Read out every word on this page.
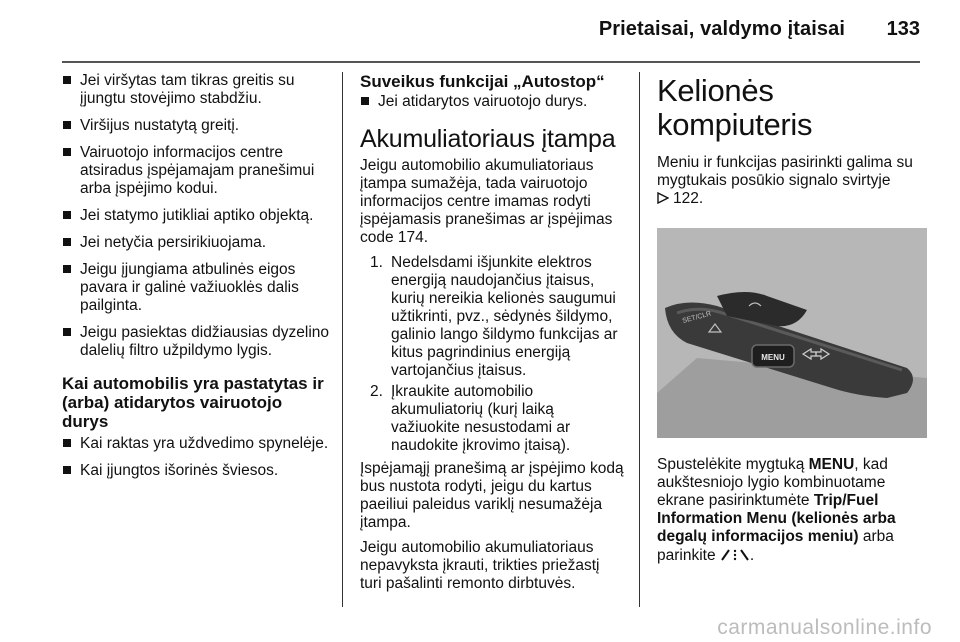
Prietaisai, valdymo įtaisai 133
Jei viršytas tam tikras greitis su įjungtu stovėjimo stabdžiu.
Viršijus nustatytą greitį.
Vairuotojo informacijos centre atsiradus įspėjamajam pranešimui arba įspėjimo kodui.
Jei statymo jutikliai aptiko objektą.
Jei netyčia persirikiuojama.
Jeigu įjungiama atbulinės eigos pavara ir galinė važiuoklės dalis pailginta.
Jeigu pasiektas didžiausias dyzelino dalelių filtro užpildymo lygis.
Kai automobilis yra pastatytas ir (arba) atidarytos vairuotojo durys
Kai raktas yra uždvedimo spynelėje.
Kai įjungtos išorinės šviesos.
Suveikus funkcijai „Autostop“
Jei atidarytos vairuotojo durys.
Akumuliatoriaus įtampa

Jeigu automobilio akumuliatoriaus įtampa sumažėja, tada vairuotojo informacijos centre imamas rodyti įspėjamasis pranešimas ar įspėjimas code 174.

1. Nedelsdami išjunkite elektros energiją naudojančius įtaisus, kurių nereikia kelionės saugumui užtikrinti, pvz., sėdynės šildymo, galinio lango šildymo funkcijas ar kitus pagrindinius energiją vartojančius įtaisus.
2. Įkraukite automobilio akumuliatorių (kurį laiką važiuokite nesustodami ar naudokite įkrovimo įtaisą).

Įspėjamąjį pranešimą ar įspėjimo kodą bus nustota rodyti, jeigu du kartus paeiliui paleidus variklį nesumažėja įtampa.

Jeigu automobilio akumuliatoriaus nepavyksta įkrauti, trikties priežastį turi pašalinti remonto dirbtuvės.

Kelionės kompiuteris

Meniu ir funkcijas pasirinkti galima su mygtukais posūkio signalo svirtyje
122.

MENU
SET/CLR

Spustelėkite mygtuką MENU, kad aukštesniojo lygio kombinuotame ekrane pasirinktumėte Trip/Fuel Information Menu (kelionės arba degalų informacijos meniu) arba parinkite .

carmanualsonline.info
